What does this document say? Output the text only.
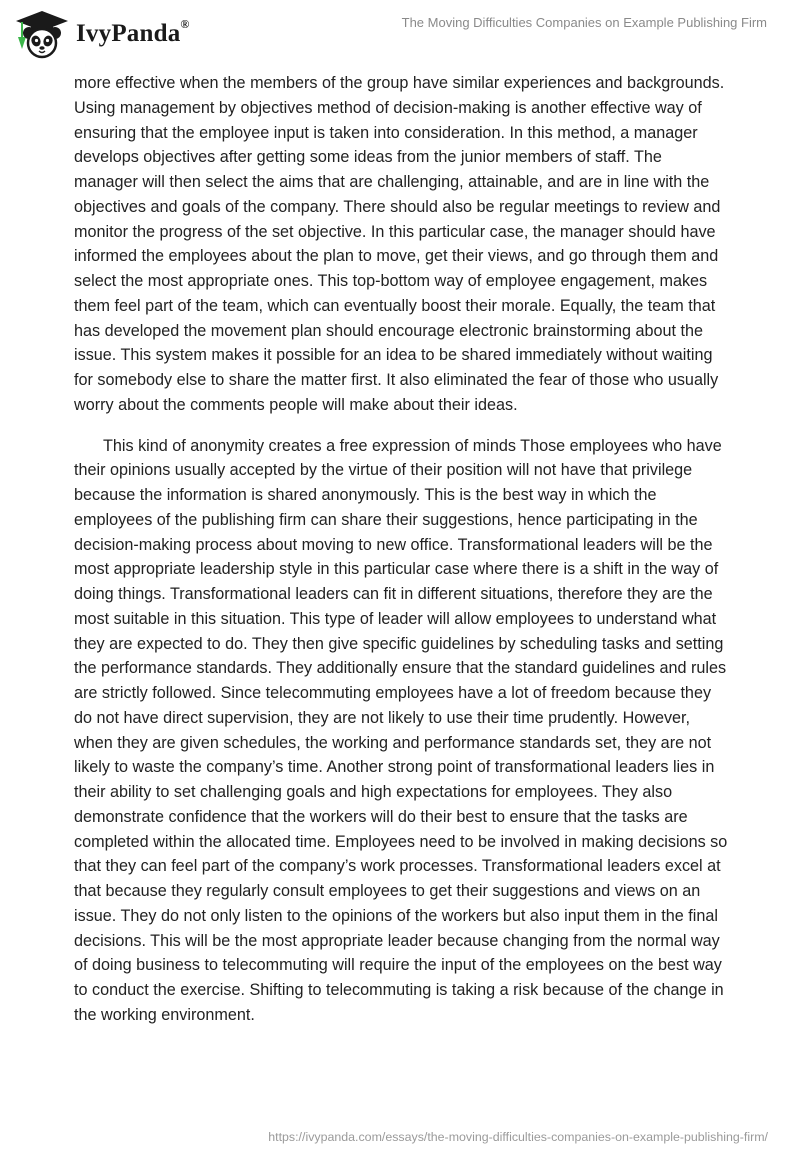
IvyPanda®	The Moving Difficulties Companies on Example Publishing Firm

more effective when the members of the group have similar experiences and backgrounds. Using management by objectives method of decision-making is another effective way of ensuring that the employee input is taken into consideration. In this method, a manager develops objectives after getting some ideas from the junior members of staff. The manager will then select the aims that are challenging, attainable, and are in line with the objectives and goals of the company. There should also be regular meetings to review and monitor the progress of the set objective. In this particular case, the manager should have informed the employees about the plan to move, get their views, and go through them and select the most appropriate ones. This top-bottom way of employee engagement, makes them feel part of the team, which can eventually boost their morale. Equally, the team that has developed the movement plan should encourage electronic brainstorming about the issue. This system makes it possible for an idea to be shared immediately without waiting for somebody else to share the matter first. It also eliminated the fear of those who usually worry about the comments people will make about their ideas.

This kind of anonymity creates a free expression of minds Those employees who have their opinions usually accepted by the virtue of their position will not have that privilege because the information is shared anonymously. This is the best way in which the employees of the publishing firm can share their suggestions, hence participating in the decision-making process about moving to new office. Transformational leaders will be the most appropriate leadership style in this particular case where there is a shift in the way of doing things. Transformational leaders can fit in different situations, therefore they are the most suitable in this situation. This type of leader will allow employees to understand what they are expected to do. They then give specific guidelines by scheduling tasks and setting the performance standards. They additionally ensure that the standard guidelines and rules are strictly followed. Since telecommuting employees have a lot of freedom because they do not have direct supervision, they are not likely to use their time prudently. However, when they are given schedules, the working and performance standards set, they are not likely to waste the company’s time. Another strong point of transformational leaders lies in their ability to set challenging goals and high expectations for employees. They also demonstrate confidence that the workers will do their best to ensure that the tasks are completed within the allocated time. Employees need to be involved in making decisions so that they can feel part of the company’s work processes. Transformational leaders excel at that because they regularly consult employees to get their suggestions and views on an issue. They do not only listen to the opinions of the workers but also input them in the final decisions. This will be the most appropriate leader because changing from the normal way of doing business to telecommuting will require the input of the employees on the best way to conduct the exercise. Shifting to telecommuting is taking a risk because of the change in the working environment.

https://ivypanda.com/essays/the-moving-difficulties-companies-on-example-publishing-firm/
